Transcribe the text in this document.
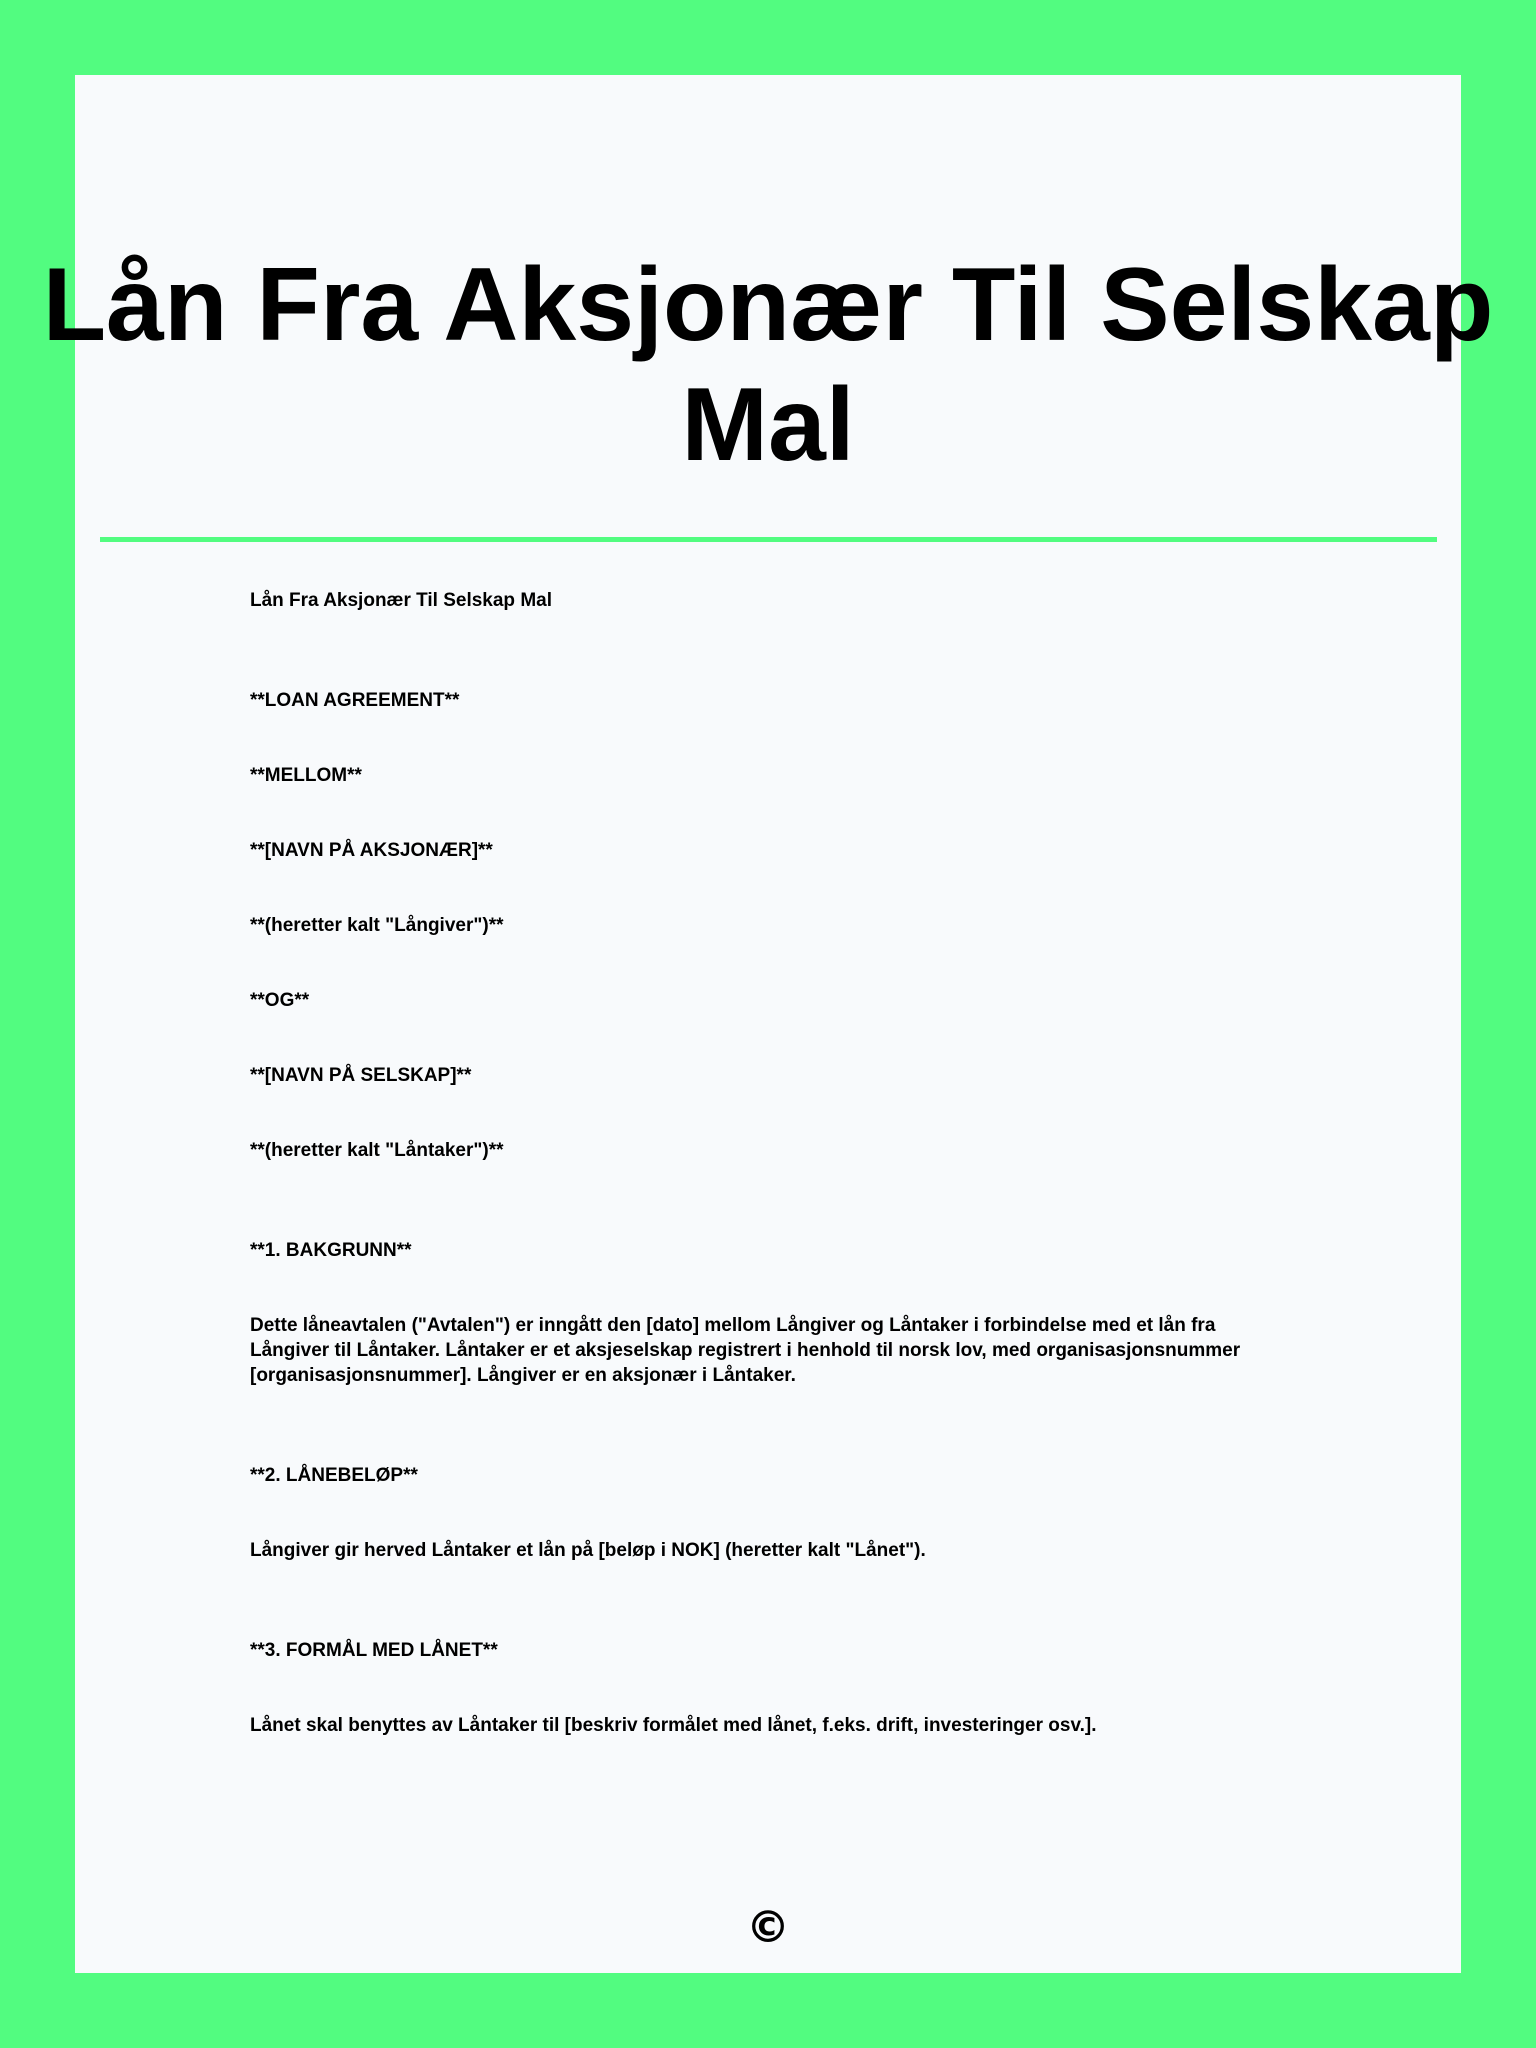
Lån Fra Aksjonær Til Selskap Mal

Lån Fra Aksjonær Til Selskap Mal

**LOAN AGREEMENT**

**MELLOM**

**[NAVN PÅ AKSJONÆR]**

**(heretter kalt "Långiver")**

**OG**

**[NAVN PÅ SELSKAP]**

**(heretter kalt "Låntaker")**

**1. BAKGRUNN**

Dette låneavtalen ("Avtalen") er inngått den [dato] mellom Långiver og Låntaker i forbindelse med et lån fra Långiver til Låntaker. Låntaker er et aksjeselskap registrert i henhold til norsk lov, med organisasjonsnummer [organisasjonsnummer]. Långiver er en aksjonær i Låntaker.

**2. LÅNEBELØP**

Långiver gir herved Låntaker et lån på [beløp i NOK] (heretter kalt "Lånet").

**3. FORMÅL MED LÅNET**

Lånet skal benyttes av Låntaker til [beskriv formålet med lånet, f.eks. drift, investeringer osv.].

©
